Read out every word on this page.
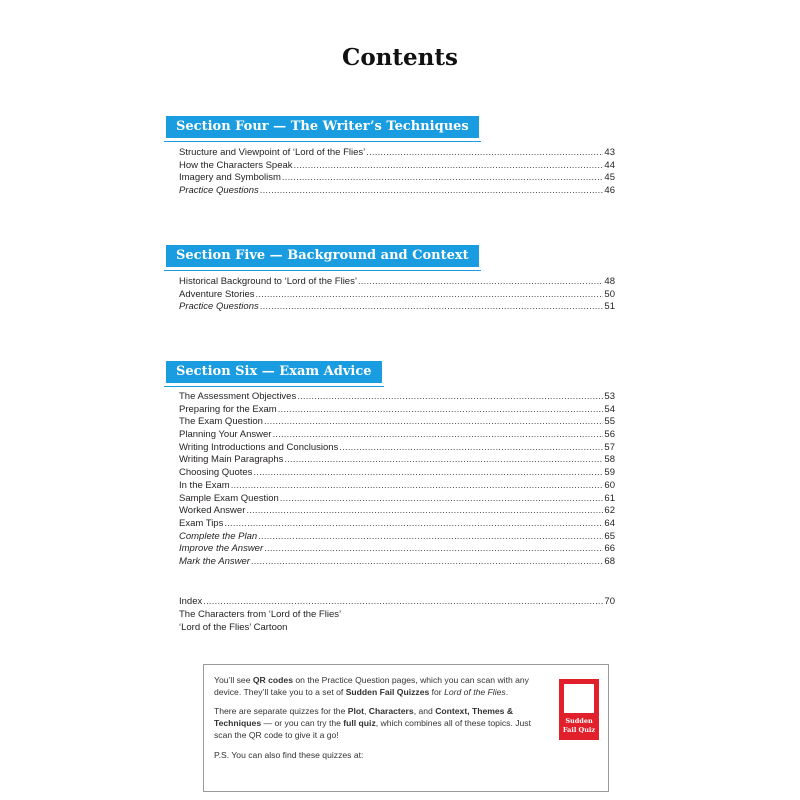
Contents
Section Four — The Writer’s Techniques
Structure and Viewpoint of ‘Lord of the Flies’ .....	43
How the Characters Speak .....	44
Imagery and Symbolism .....	45
Practice Questions .....	46
Section Five — Background and Context
Historical Background to ‘Lord of the Flies’ .....	48
Adventure Stories .....	50
Practice Questions .....	51
Section Six — Exam Advice
The Assessment Objectives .....	53
Preparing for the Exam .....	54
The Exam Question .....	55
Planning Your Answer .....	56
Writing Introductions and Conclusions .....	57
Writing Main Paragraphs .....	58
Choosing Quotes .....	59
In the Exam .....	60
Sample Exam Question .....	61
Worked Answer .....	62
Exam Tips .....	64
Complete the Plan .....	65
Improve the Answer .....	66
Mark the Answer .....	68
Index .....	70
The Characters from ‘Lord of the Flies’
‘Lord of the Flies’ Cartoon

You’ll see QR codes on the Practice Question pages, which you can scan with any device. They’ll take you to a set of Sudden Fail Quizzes for Lord of the Flies.

There are separate quizzes for the Plot, Characters, and Context, Themes & Techniques — or you can try the full quiz, which combines all of these topics. Just scan the QR code to give it a go!

P.S. You can also find these quizzes at:

Sudden
Fail Quiz
